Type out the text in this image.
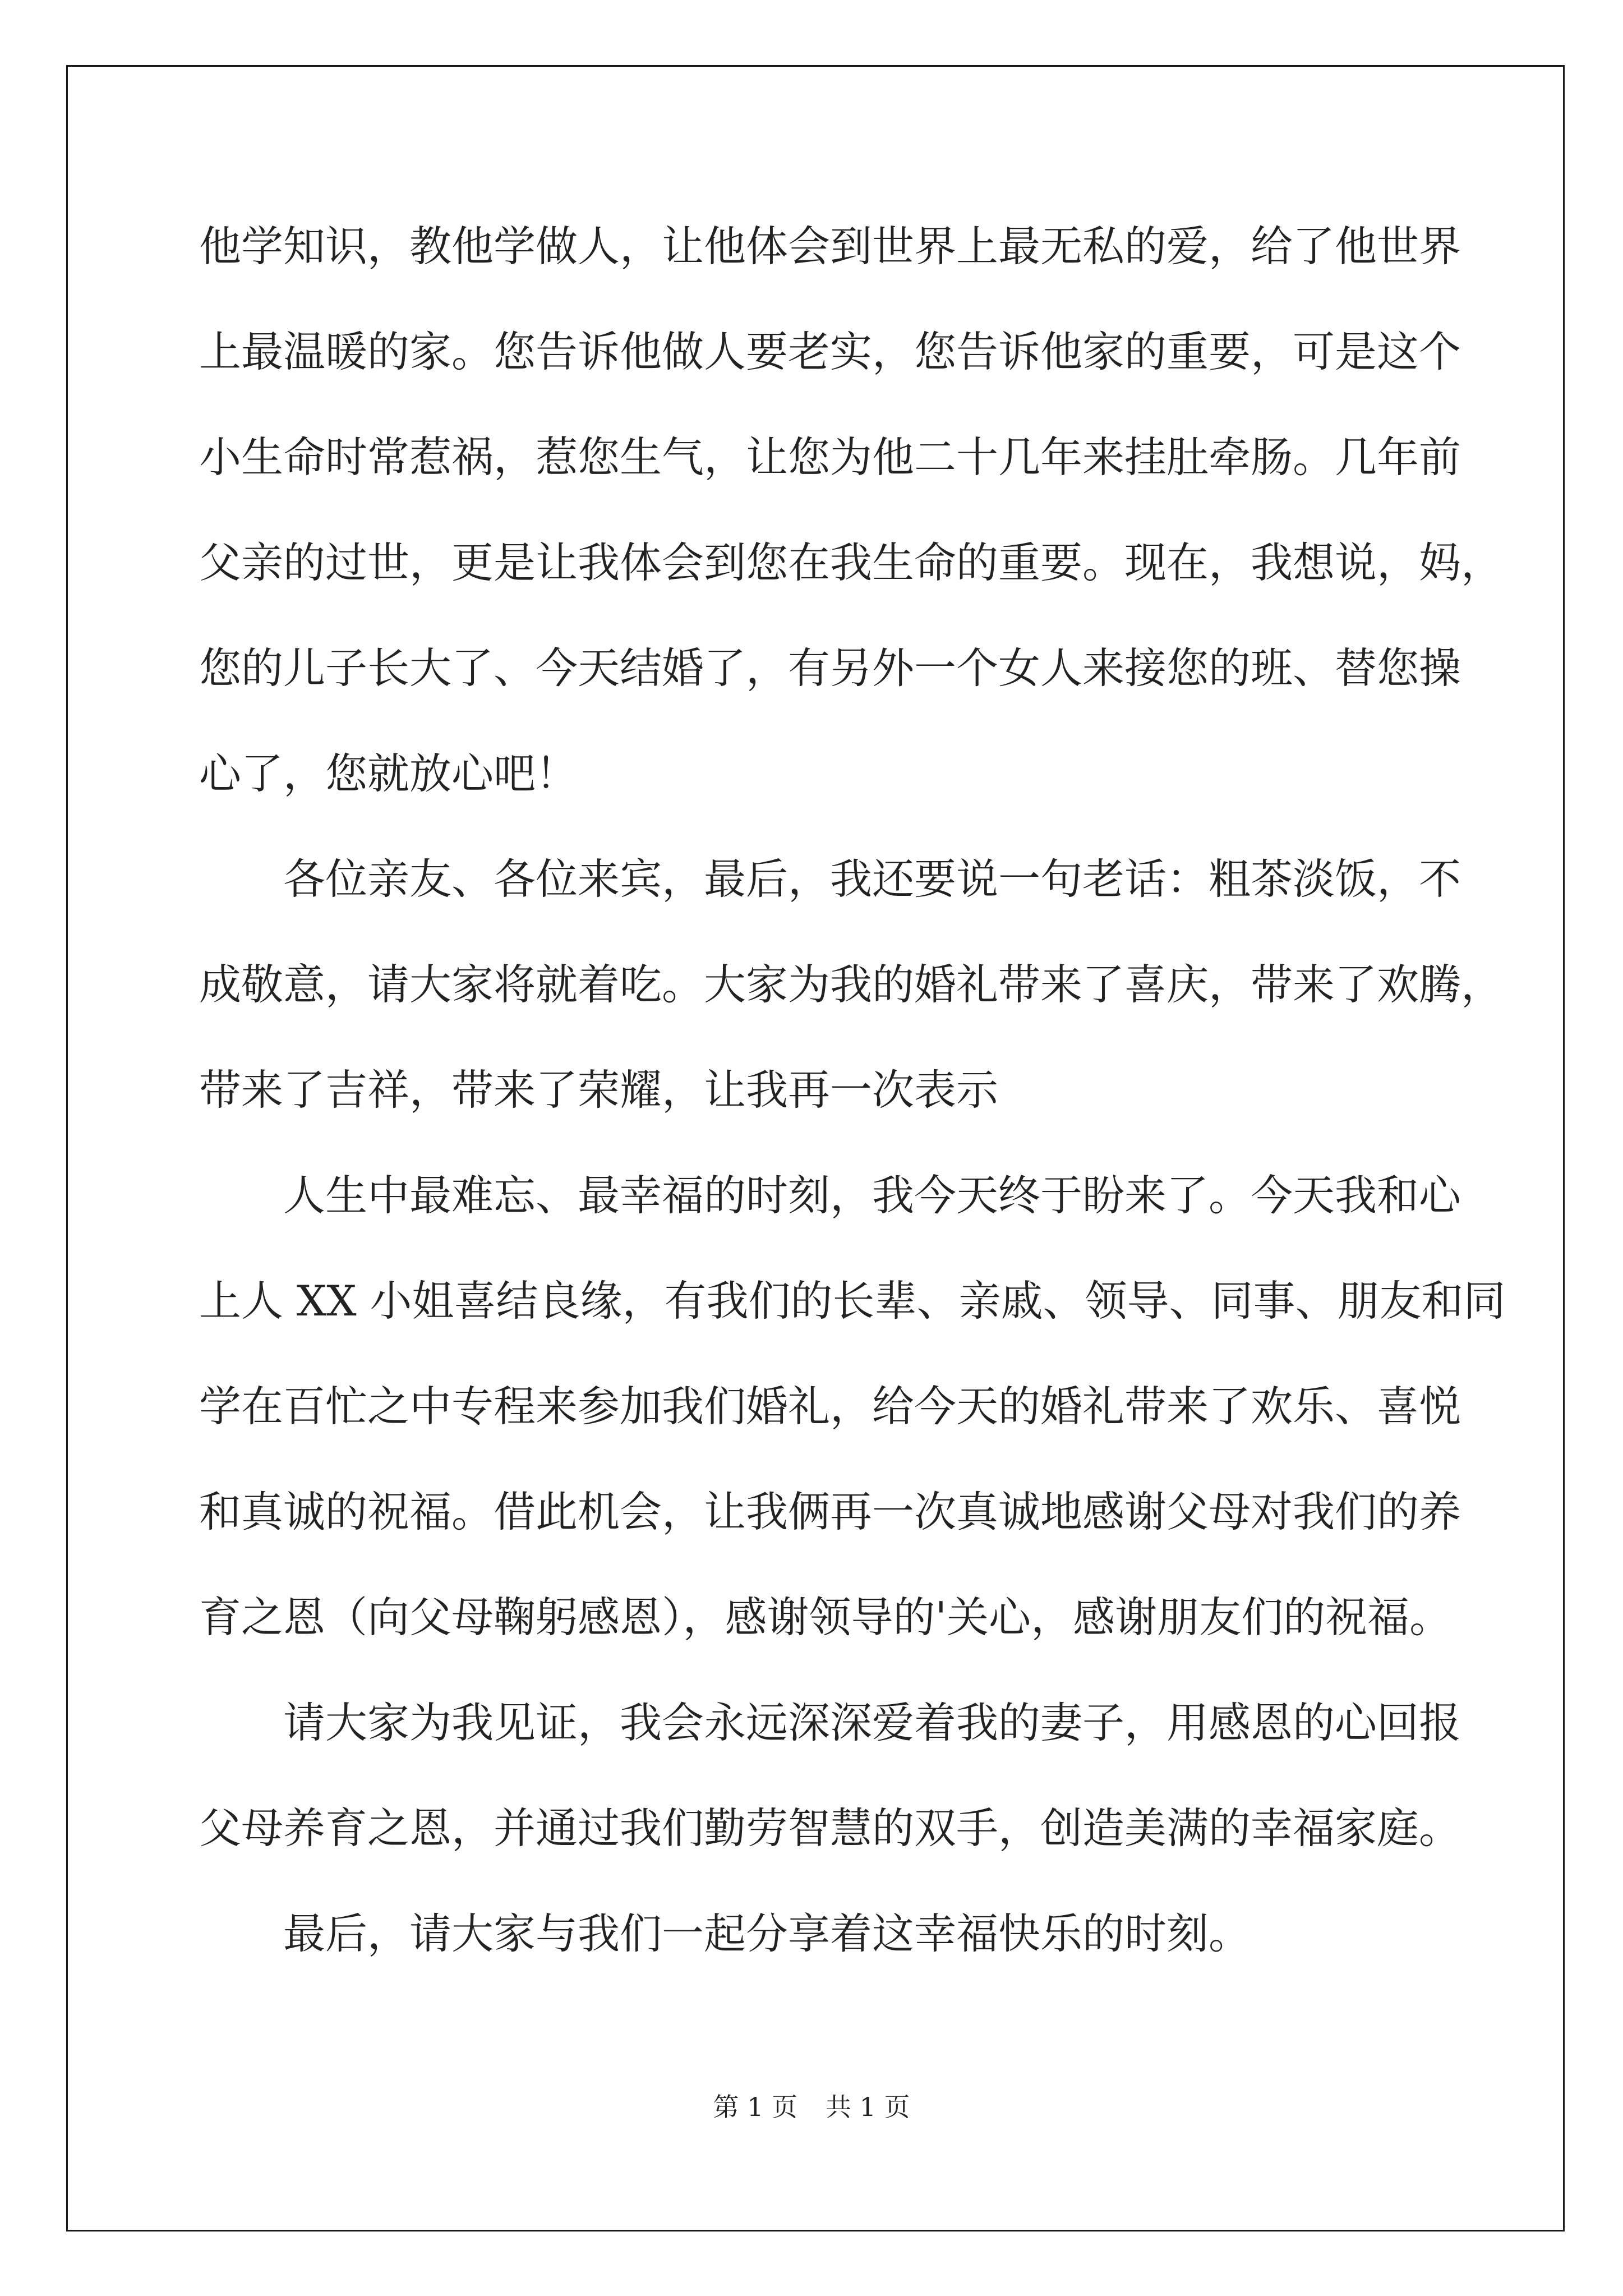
他学知识，教他学做人，让他体会到世界上最无私的爱，给了他世界
上最温暖的家。您告诉他做人要老实，您告诉他家的重要，可是这个
小生命时常惹祸，惹您生气，让您为他二十几年来挂肚牵肠。几年前
父亲的过世，更是让我体会到您在我生命的重要。现在，我想说，妈，
您的儿子长大了、今天结婚了，有另外一个女人来接您的班、替您操
心了，您就放心吧！
各位亲友、各位来宾，最后，我还要说一句老话：粗茶淡饭，不
成敬意，请大家将就着吃。大家为我的婚礼带来了喜庆，带来了欢腾，
带来了吉祥，带来了荣耀，让我再一次表示
人生中最难忘、最幸福的时刻，我今天终于盼来了。今天我和心
上人 XX 小姐喜结良缘，有我们的长辈、亲戚、领导、同事、朋友和同
学在百忙之中专程来参加我们婚礼，给今天的婚礼带来了欢乐、喜悦
和真诚的祝福。借此机会，让我俩再一次真诚地感谢父母对我们的养
育之恩（向父母鞠躬感恩），感谢领导的'关心，感谢朋友们的祝福。
请大家为我见证，我会永远深深爱着我的妻子，用感恩的心回报
父母养育之恩，并通过我们勤劳智慧的双手，创造美满的幸福家庭。
最后，请大家与我们一起分享着这幸福快乐的时刻。
第 1 页 共 1 页
